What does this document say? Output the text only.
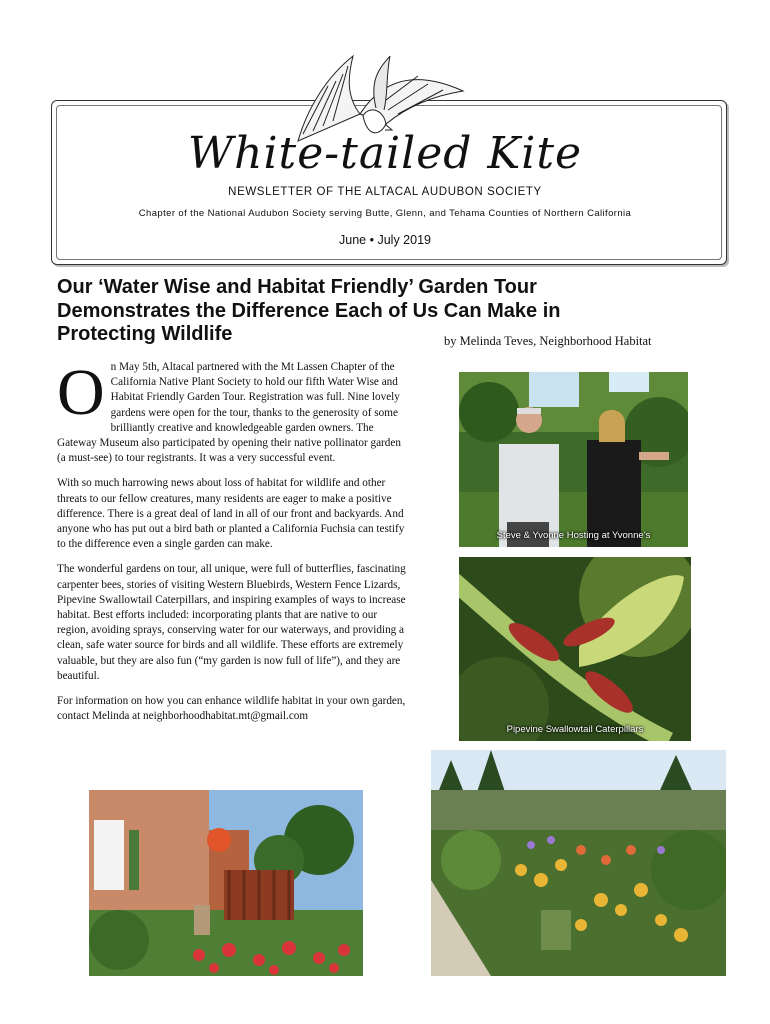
White-tailed Kite
NEWSLETTER OF THE ALTACAL AUDUBON SOCIETY
Chapter of the National Audubon Society serving Butte, Glenn, and Tehama Counties of Northern California
June • July 2019
Our ‘Water Wise and Habitat Friendly’ Garden Tour Demonstrates the Difference Each of Us Can Make in Protecting Wildlife	by Melinda Teves, Neighborhood Habitat

On May 5th, Altacal partnered with the Mt Lassen Chapter of the California Native Plant Society to hold our fifth Water Wise and Habitat Friendly Garden Tour. Registration was full. Nine lovely gardens were open for the tour, thanks to the generosity of some brilliantly creative and knowledgeable garden owners. The Gateway Museum also participated by opening their native pollinator garden (a must-see) to tour registrants. It was a very successful event.

With so much harrowing news about loss of habitat for wildlife and other threats to our fellow creatures, many residents are eager to make a positive difference. There is a great deal of land in all of our front and backyards. And anyone who has put out a bird bath or planted a California Fuchsia can testify to the difference even a single garden can make.

The wonderful gardens on tour, all unique, were full of butterflies, fascinating carpenter bees, stories of visiting Western Bluebirds, Western Fence Lizards, Pipevine Swallowtail Caterpillars, and inspiring examples of ways to increase habitat. Best efforts included: incorporating plants that are native to our region, avoiding sprays, conserving water for our waterways, and providing a clean, safe water source for birds and all wildlife. These efforts are extremely valuable, but they are also fun (“my garden is now full of life”), and they are beautiful.

For information on how you can enhance wildlife habitat in your own garden, contact Melinda at neighborhoodhabitat.mt@gmail.com

Steve & Yvonne Hosting at Yvonne’s
Pipevine Swallowtail Caterpillars
